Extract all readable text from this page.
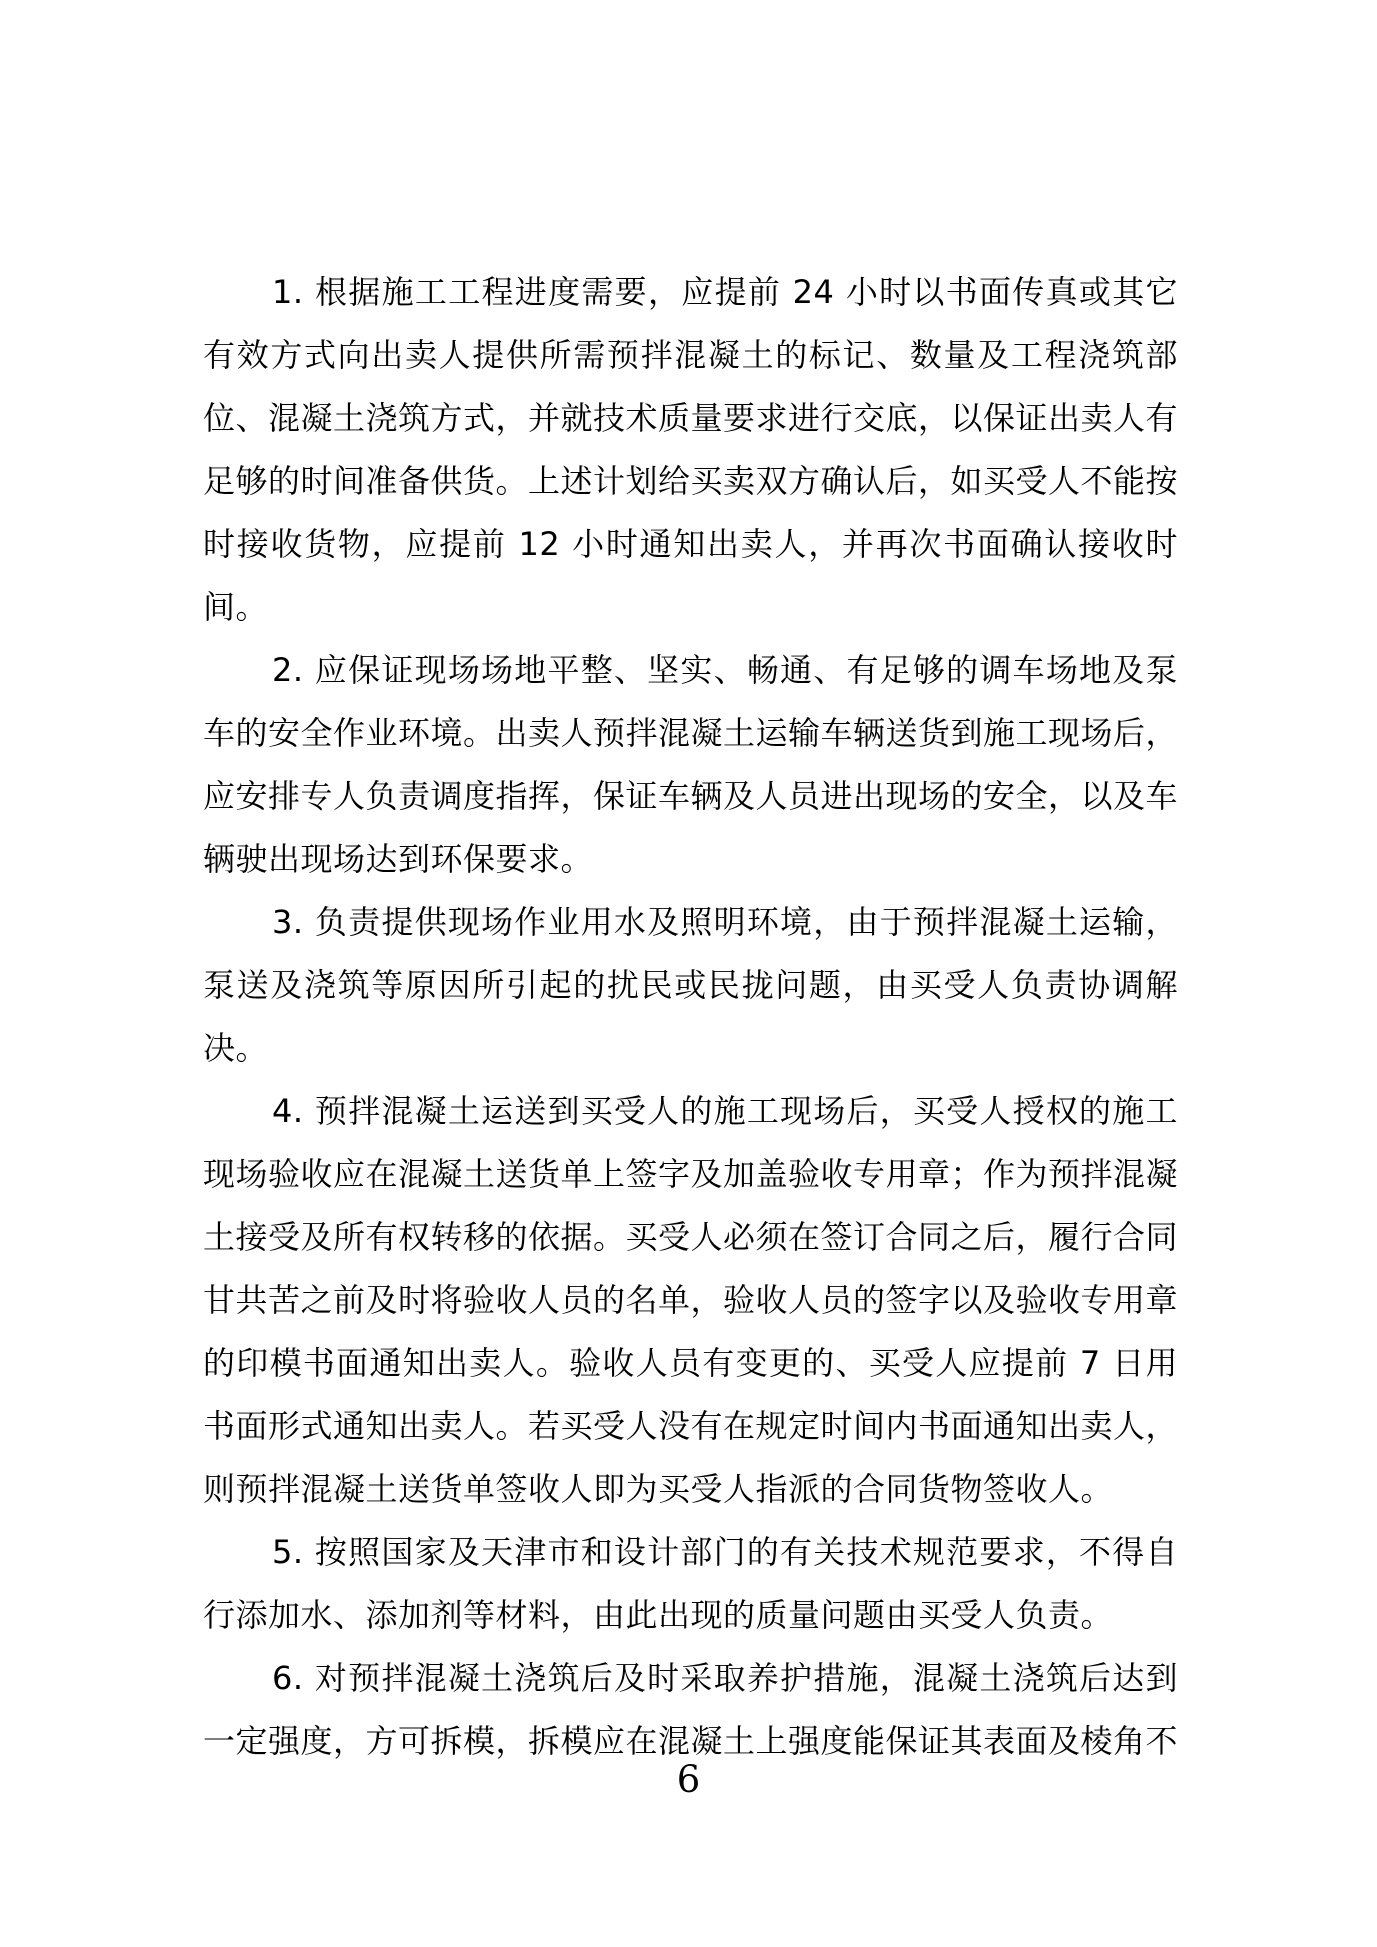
1. 根据施工工程进度需要，应提前 24 小时以书面传真或其它有效方式向出卖人提供所需预拌混凝土的标记、数量及工程浇筑部位、混凝土浇筑方式，并就技术质量要求进行交底，以保证出卖人有足够的时间准备供货。上述计划给买卖双方确认后，如买受人不能按时接收货物，应提前 12 小时通知出卖人，并再次书面确认接收时间。

2. 应保证现场场地平整、坚实、畅通、有足够的调车场地及泵车的安全作业环境。出卖人预拌混凝土运输车辆送货到施工现场后，应安排专人负责调度指挥，保证车辆及人员进出现场的安全，以及车辆驶出现场达到环保要求。

3. 负责提供现场作业用水及照明环境，由于预拌混凝土运输，泵送及浇筑等原因所引起的扰民或民拢问题，由买受人负责协调解决。

4. 预拌混凝土运送到买受人的施工现场后，买受人授权的施工现场验收应在混凝土送货单上签字及加盖验收专用章；作为预拌混凝土接受及所有权转移的依据。买受人必须在签订合同之后，履行合同甘共苦之前及时将验收人员的名单，验收人员的签字以及验收专用章的印模书面通知出卖人。验收人员有变更的、买受人应提前 7 日用书面形式通知出卖人。若买受人没有在规定时间内书面通知出卖人，则预拌混凝土送货单签收人即为买受人指派的合同货物签收人。

5. 按照国家及天津市和设计部门的有关技术规范要求，不得自行添加水、添加剂等材料，由此出现的质量问题由买受人负责。

6. 对预拌混凝土浇筑后及时采取养护措施，混凝土浇筑后达到一定强度，方可拆模，拆模应在混凝土上强度能保证其表面及棱角不

6
